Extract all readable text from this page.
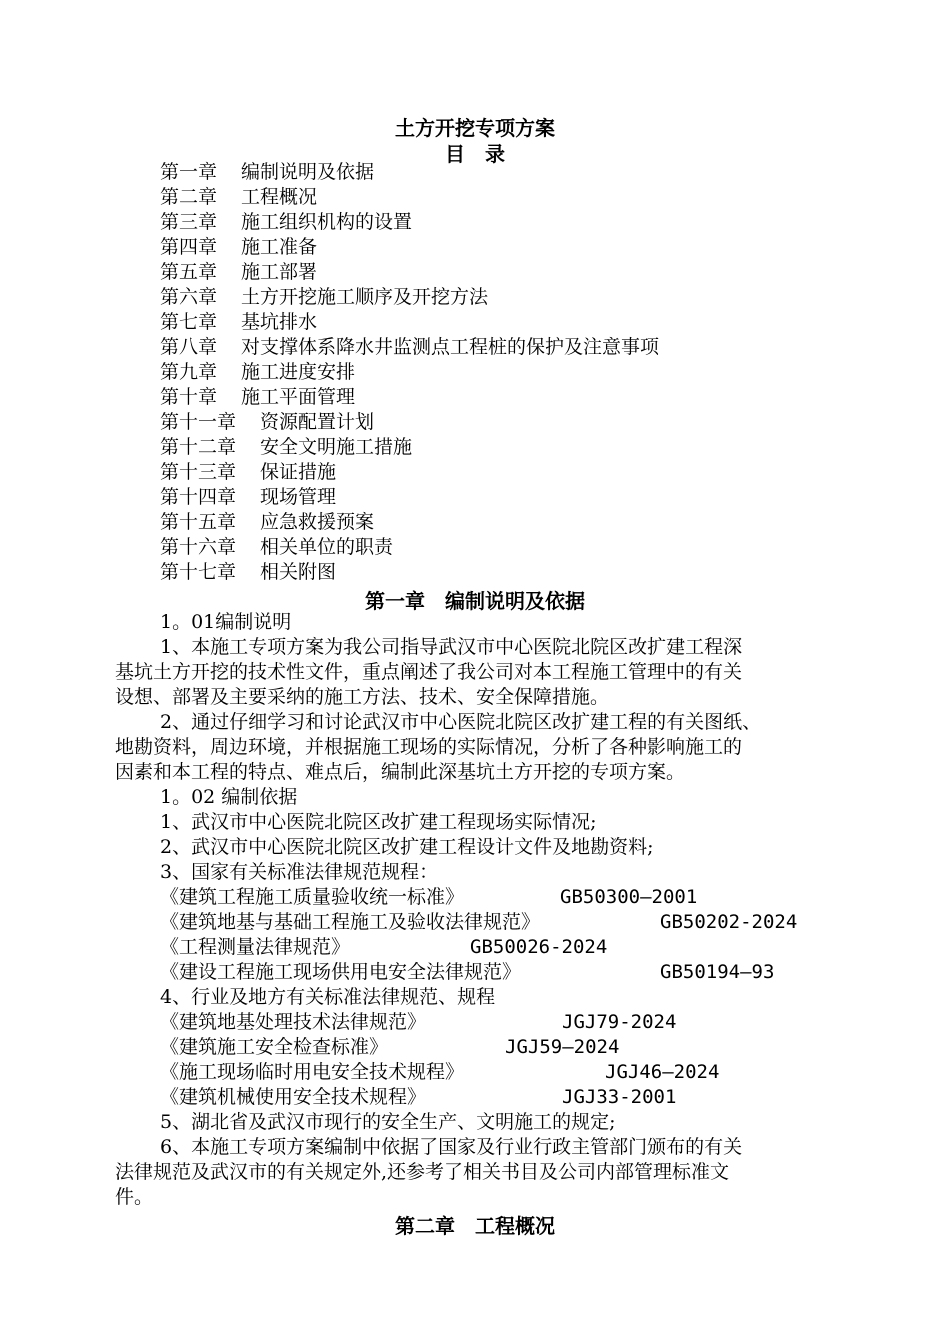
土方开挖专项方案
目　录
第一章 编制说明及依据
第二章 工程概况
第三章 施工组织机构的设置
第四章 施工准备
第五章 施工部署
第六章 土方开挖施工顺序及开挖方法
第七章 基坑排水
第八章 对支撑体系降水井监测点工程桩的保护及注意事项
第九章 施工进度安排
第十章 施工平面管理
第十一章 资源配置计划
第十二章 安全文明施工措施
第十三章 保证措施
第十四章 现场管理
第十五章 应急救援预案
第十六章 相关单位的职责
第十七章 相关附图
第一章　编制说明及依据
1。01编制说明
1、本施工专项方案为我公司指导武汉市中心医院北院区改扩建工程深
基坑土方开挖的技术性文件，重点阐述了我公司对本工程施工管理中的有关
设想、部署及主要采纳的施工方法、技术、安全保障措施。
2、通过仔细学习和讨论武汉市中心医院北院区改扩建工程的有关图纸、
地勘资料，周边环境，并根据施工现场的实际情况，分析了各种影响施工的
因素和本工程的特点、难点后，编制此深基坑土方开挖的专项方案。
1。02 编制依据
1、武汉市中心医院北院区改扩建工程现场实际情况;
2、武汉市中心医院北院区改扩建工程设计文件及地勘资料;
3、国家有关标准法律规范规程：
《建筑工程施工质量验收统一标准》	GB50300—2001
《建筑地基与基础工程施工及验收法律规范》	GB50202-2024
《工程测量法律规范》	GB50026-2024
《建设工程施工现场供用电安全法律规范》	GB50194—93
4、行业及地方有关标准法律规范、规程
《建筑地基处理技术法律规范》	JGJ79-2024
《建筑施工安全检查标准》	JGJ59—2024
《施工现场临时用电安全技术规程》	JGJ46—2024
《建筑机械使用安全技术规程》	JGJ33-2001
5、湖北省及武汉市现行的安全生产、文明施工的规定;
6、本施工专项方案编制中依据了国家及行业行政主管部门颁布的有关
法律规范及武汉市的有关规定外,还参考了相关书目及公司内部管理标准文
件。
第二章　工程概况
